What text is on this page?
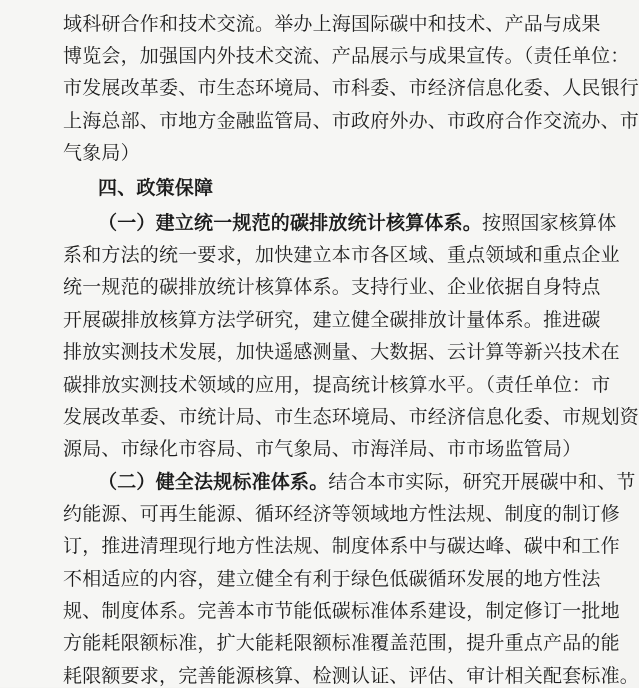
域科研合作和技术交流。举办上海国际碳中和技术、产品与成果
博览会，加强国内外技术交流、产品展示与成果宣传。（责任单位：
市发展改革委、市生态环境局、市科委、市经济信息化委、人民银行
上海总部、市地方金融监管局、市政府外办、市政府合作交流办、市
气象局）
四、政策保障
（一）建立统一规范的碳排放统计核算体系。按照国家核算体
系和方法的统一要求，加快建立本市各区域、重点领域和重点企业
统一规范的碳排放统计核算体系。支持行业、企业依据自身特点
开展碳排放核算方法学研究，建立健全碳排放计量体系。推进碳
排放实测技术发展，加快遥感测量、大数据、云计算等新兴技术在
碳排放实测技术领域的应用，提高统计核算水平。（责任单位：市
发展改革委、市统计局、市生态环境局、市经济信息化委、市规划资
源局、市绿化市容局、市气象局、市海洋局、市市场监管局）
（二）健全法规标准体系。结合本市实际，研究开展碳中和、节
约能源、可再生能源、循环经济等领域地方性法规、制度的制订修
订，推进清理现行地方性法规、制度体系中与碳达峰、碳中和工作
不相适应的内容，建立健全有利于绿色低碳循环发展的地方性法
规、制度体系。完善本市节能低碳标准体系建设，制定修订一批地
方能耗限额标准，扩大能耗限额标准覆盖范围，提升重点产品的能
耗限额要求，完善能源核算、检测认证、评估、审计相关配套标准。
